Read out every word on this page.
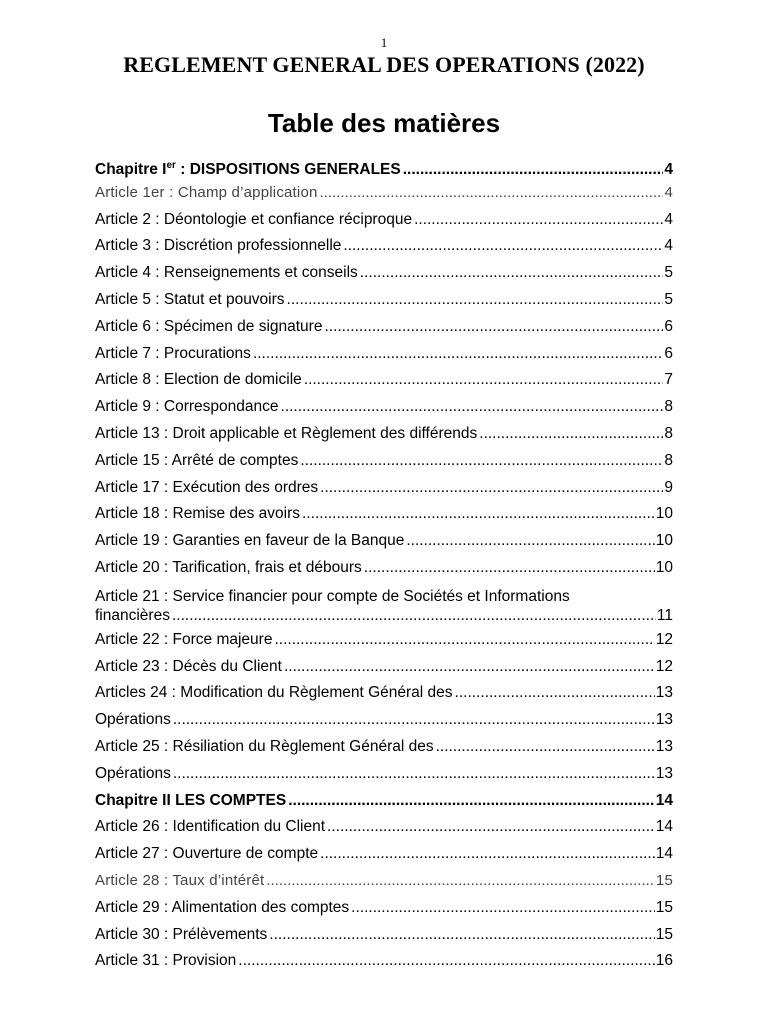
1
REGLEMENT GENERAL DES OPERATIONS (2022)
Table des matières
Chapitre Ier : DISPOSITIONS GENERALES .....	4
Article 1er : Champ d’application .....	4
Article 2 : Déontologie et confiance réciproque .....	4
Article 3 : Discrétion professionnelle .....	4
Article 4 : Renseignements et conseils .....	5
Article 5 : Statut et pouvoirs .....	5
Article 6 : Spécimen de signature .....	6
Article 7 : Procurations .....	6
Article 8 : Election de domicile .....	7
Article 9 : Correspondance .....	8
Article 13 : Droit applicable et Règlement des différends .....	8
Article 15 : Arrêté de comptes .....	8
Article 17 : Exécution des ordres .....	9
Article 18 : Remise des avoirs .....	10
Article 19 : Garanties en faveur de la Banque .....	10
Article 20 : Tarification, frais et débours .....	10
Article 21 : Service financier pour compte de Sociétés et Informations
financières .....	11
Article 22 : Force majeure .....	12
Article 23 : Décès du Client .....	12
Articles 24 : Modification du Règlement Général des .....	13
Opérations .....	13
Article 25 : Résiliation du Règlement Général des .....	13
Opérations .....	13
Chapitre II LES COMPTES .....	14
Article 26 : Identification du Client .....	14
Article 27 : Ouverture de compte .....	14
Article 28 : Taux d’intérêt .....	15
Article 29 : Alimentation des comptes .....	15
Article 30 : Prélèvements .....	15
Article 31 : Provision .....	16
